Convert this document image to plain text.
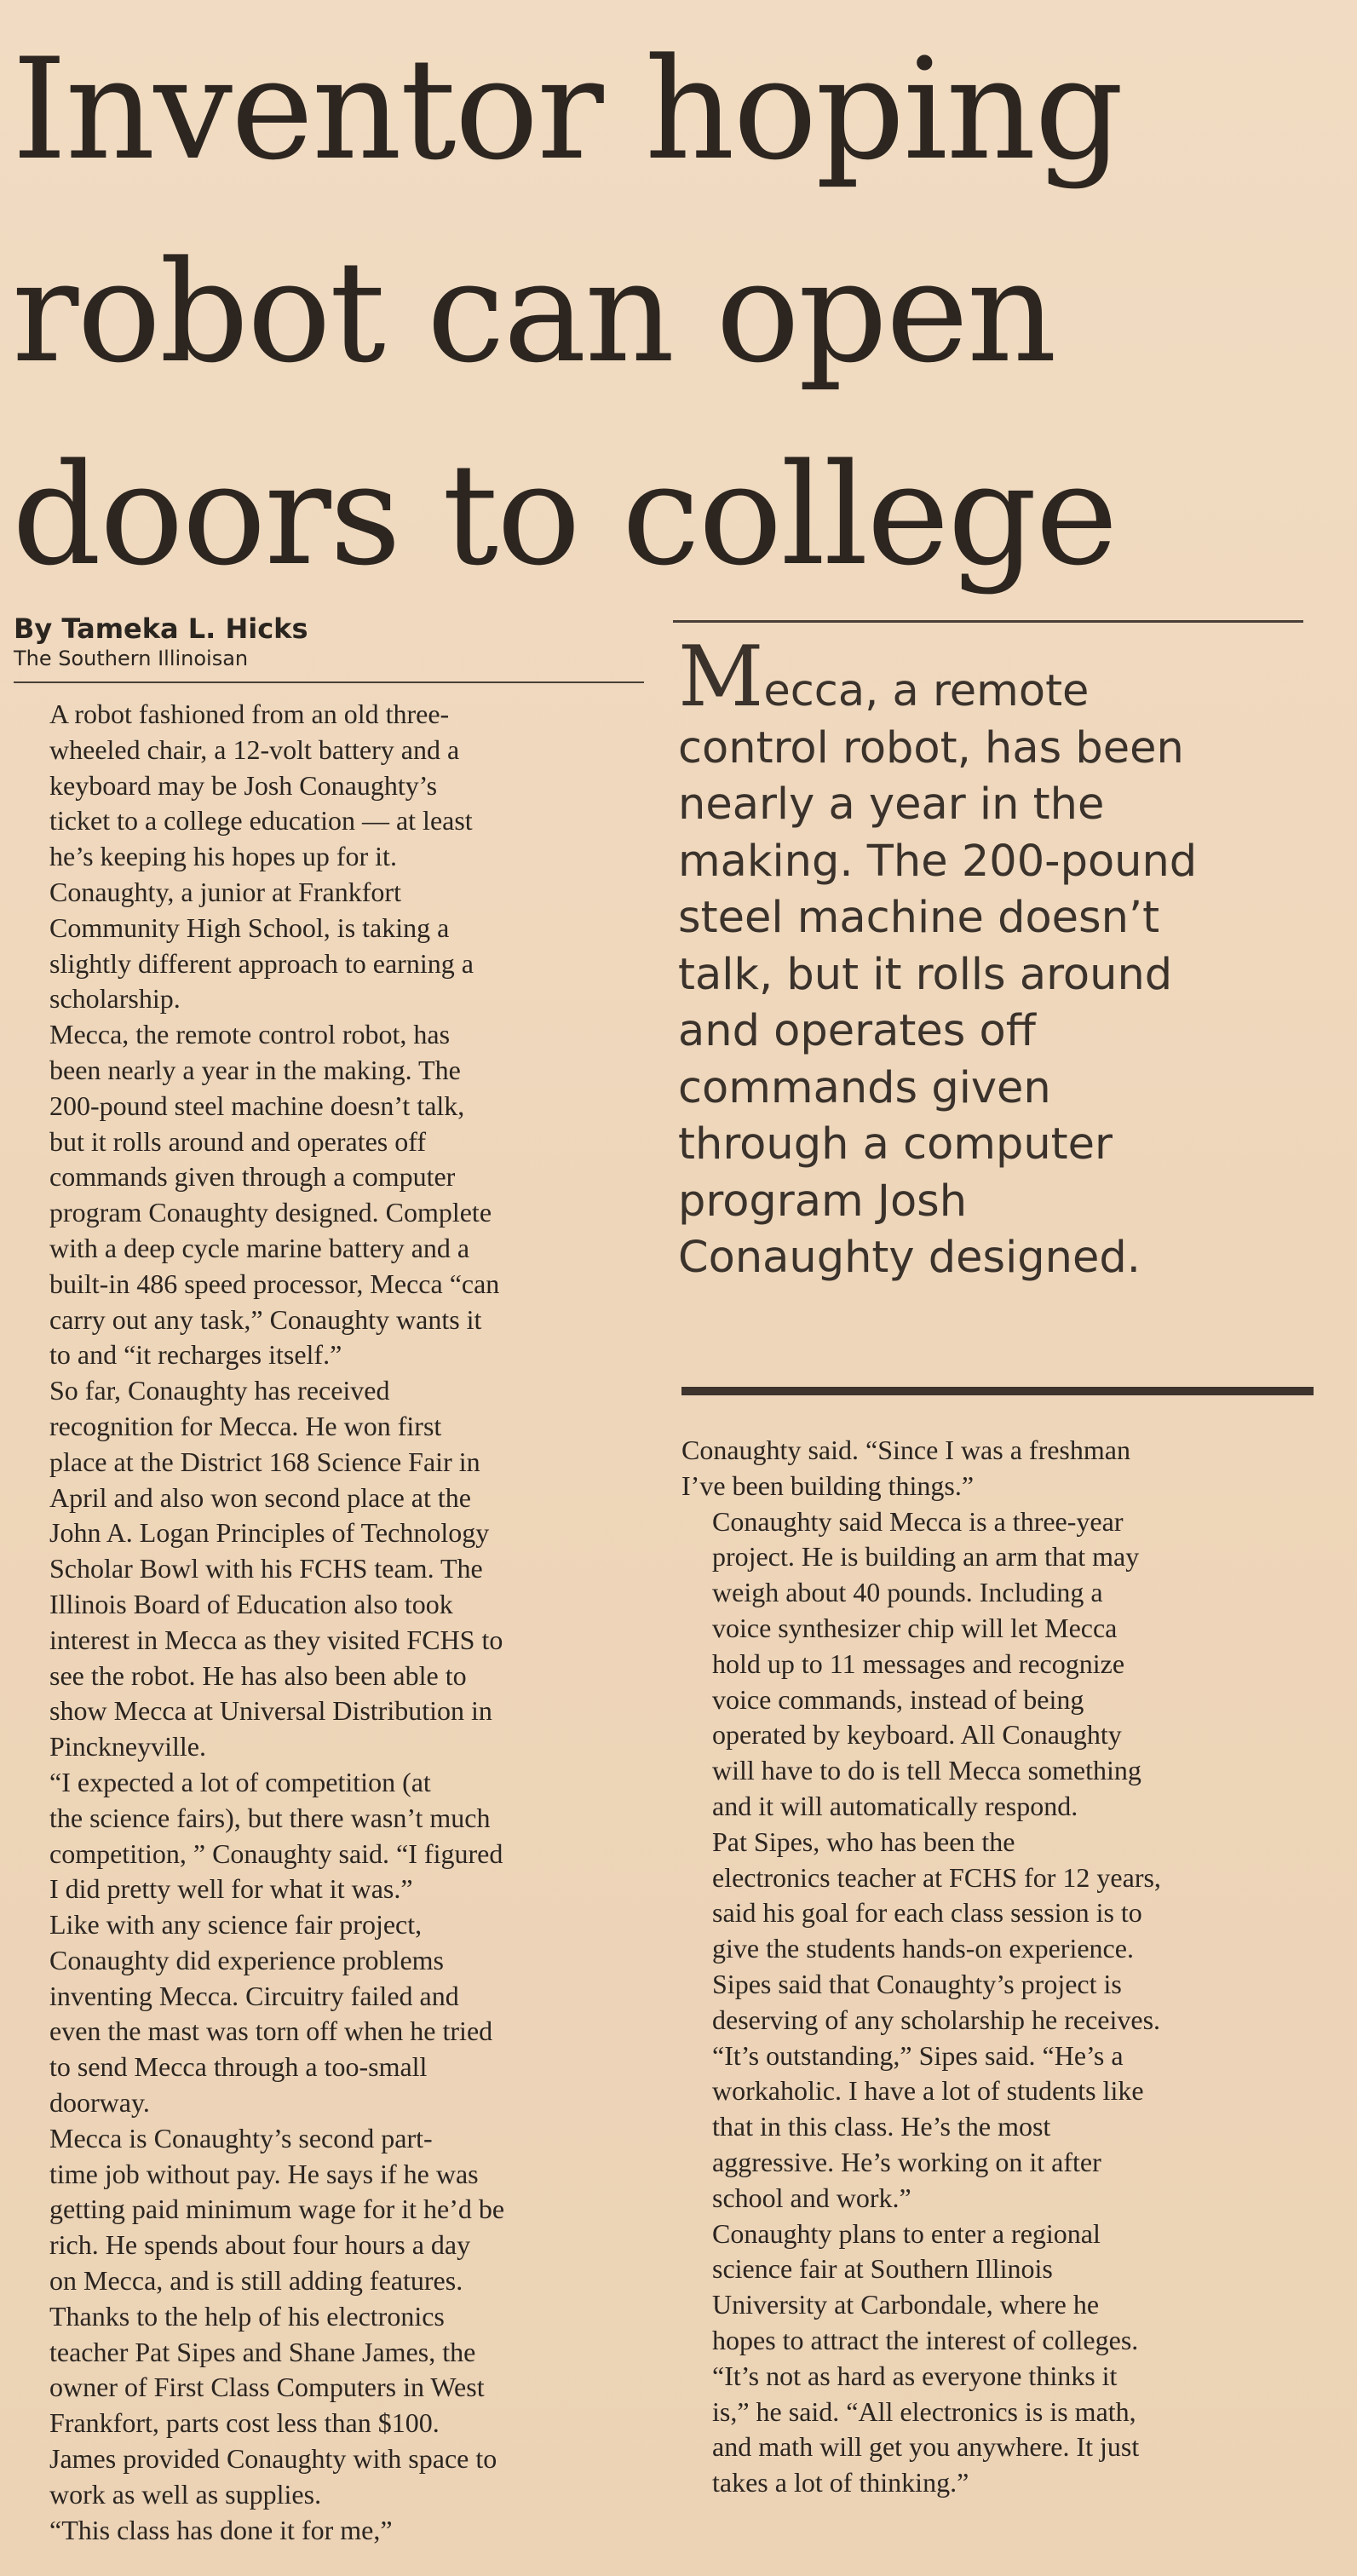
Inventor hoping
robot can open
doors to college
By Tameka L. Hicks
The Southern Illinoisan	Mecca, a remote
control robot, has been
nearly a year in the
making. The 200-pound
steel machine doesn’t
talk, but it rolls around
and operates off
commands given
through a computer
program Josh
Conaughty designed.

A robot fashioned from an old three-
wheeled chair, a 12-volt battery and a
keyboard may be Josh Conaughty’s
ticket to a college education — at least
he’s keeping his hopes up for it.

Conaughty, a junior at Frankfort
Community High School, is taking a
slightly different approach to earning a
scholarship.

Mecca, the remote control robot, has
been nearly a year in the making. The
200-pound steel machine doesn’t talk,
but it rolls around and operates off
commands given through a computer
program Conaughty designed. Complete
with a deep cycle marine battery and a
built-in 486 speed processor, Mecca “can
carry out any task,” Conaughty wants it
to and “it recharges itself.”

So far, Conaughty has received
recognition for Mecca. He won first
place at the District 168 Science Fair in
April and also won second place at the
John A. Logan Principles of Technology
Scholar Bowl with his FCHS team. The
Illinois Board of Education also took
interest in Mecca as they visited FCHS to
see the robot. He has also been able to
show Mecca at Universal Distribution in
Pinckneyville.

“I expected a lot of competition (at
the science fairs), but there wasn’t much
competition, ” Conaughty said. “I figured
I did pretty well for what it was.”

Like with any science fair project,
Conaughty did experience problems
inventing Mecca. Circuitry failed and
even the mast was torn off when he tried
to send Mecca through a too-small
doorway.

Mecca is Conaughty’s second part-
time job without pay. He says if he was
getting paid minimum wage for it he’d be
rich. He spends about four hours a day
on Mecca, and is still adding features.

Thanks to the help of his electronics
teacher Pat Sipes and Shane James, the
owner of First Class Computers in West
Frankfort, parts cost less than $100.
James provided Conaughty with space to
work as well as supplies.

“This class has done it for me,”

Conaughty said. “Since I was a freshman
I’ve been building things.”

Conaughty said Mecca is a three-year
project. He is building an arm that may
weigh about 40 pounds. Including a
voice synthesizer chip will let Mecca
hold up to 11 messages and recognize
voice commands, instead of being
operated by keyboard. All Conaughty
will have to do is tell Mecca something
and it will automatically respond.

Pat Sipes, who has been the
electronics teacher at FCHS for 12 years,
said his goal for each class session is to
give the students hands-on experience.
Sipes said that Conaughty’s project is
deserving of any scholarship he receives.

“It’s outstanding,” Sipes said. “He’s a
workaholic. I have a lot of students like
that in this class. He’s the most
aggressive. He’s working on it after
school and work.”

Conaughty plans to enter a regional
science fair at Southern Illinois
University at Carbondale, where he
hopes to attract the interest of colleges.

“It’s not as hard as everyone thinks it
is,” he said. “All electronics is is math,
and math will get you anywhere. It just
takes a lot of thinking.”
